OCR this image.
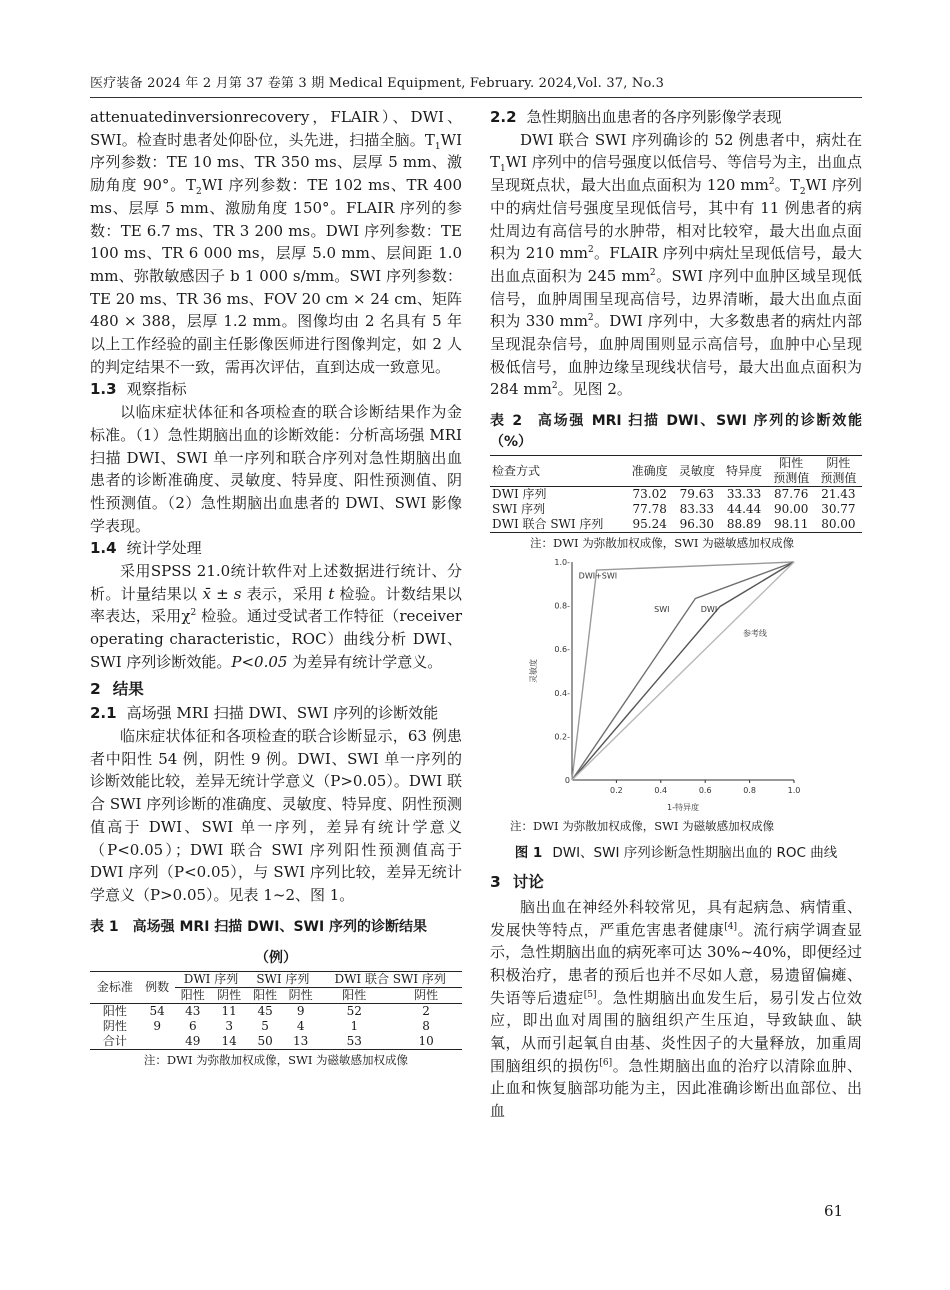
医疗装备 2024 年 2 月第 37 卷第 3 期 Medical Equipment, February. 2024,Vol. 37, No.3

attenuatedinversionrecovery，FLAIR）、DWI、SWI。检查时患者处仰卧位，头先进，扫描全脑。$T_1WI$ 序列参数：TE 10 ms、TR 350 ms、层厚 5 mm、激励角度 90°。$T_2WI$ 序列参数：TE 102 ms、TR 400 ms、层厚 5 mm、激励角度 150°。FLAIR 序列的参数：TE 6.7 ms、TR 3 200 ms。DWI 序列参数：TE 100 ms、TR 6 000 ms，层厚 5.0 mm、层间距 1.0 mm、弥散敏感因子 b 1 000 s/mm。SWI 序列参数：TE 20 ms、TR 36 ms、FOV 20 cm × 24 cm、矩阵 480 × 388，层厚 1.2 mm。图像均由 2 名具有 5 年以上工作经验的副主任影像医师进行图像判定，如 2 人的判定结果不一致，需再次评估，直到达成一致意见。

1.3 观察指标

以临床症状体征和各项检查的联合诊断结果作为金标准。（1）急性期脑出血的诊断效能：分析高场强 MRI 扫描 DWI、SWI 单一序列和联合序列对急性期脑出血患者的诊断准确度、灵敏度、特异度、阳性预测值、阴性预测值。（2）急性期脑出血患者的 DWI、SWI 影像学表现。

1.4 统计学处理

采用SPSS 21.0统计软件对上述数据进行统计、分析。计量结果以 x̄ ± s 表示，采用 t 检验。计数结果以率表达，采用$\chi^2$ 检验。通过受试者工作特征（receiver operating characteristic，ROC）曲线分析 DWI、SWI 序列诊断效能。P<0.05 为差异有统计学意义。

2 结果
2.1 高场强 MRI 扫描 DWI、SWI 序列的诊断效能

临床症状体征和各项检查的联合诊断显示，63 例患者中阳性 54 例，阴性 9 例。DWI、SWI 单一序列的诊断效能比较，差异无统计学意义（P>0.05）。DWI 联合 SWI 序列诊断的准确度、灵敏度、特异度、阴性预测值高于 DWI、SWI 单一序列，差异有统计学意义（P<0.05）；DWI 联合 SWI 序列阳性预测值高于 DWI 序列（P<0.05），与 SWI 序列比较，差异无统计学意义（P>0.05）。见表 1~2、图 1。

表 1 高场强 MRI 扫描 DWI、SWI 序列的诊断结果
（例）
金标准	例数	DWI 序列		SWI 序列		DWI 联合 SWI 序列	
		阳性	阴性	阳性	阴性	阳性	阴性
阳性	54	43	11	45	9	52	2
阴性	9	6	3	5	4	1	8
合计		49	14	50	13	53	10
注：DWI 为弥散加权成像，SWI 为磁敏感加权成像
2.2 急性期脑出血患者的各序列影像学表现

DWI 联合 SWI 序列确诊的 52 例患者中，病灶在 $T_1WI$ 序列中的信号强度以低信号、等信号为主，出血点呈现斑点状，最大出血点面积为 120 $mm^2$。$T_2WI$ 序列中的病灶信号强度呈现低信号，其中有 11 例患者的病灶周边有高信号的水肿带，相对比较窄，最大出血点面积为 210 $mm^2$。FLAIR 序列中病灶呈现低信号，最大出血点面积为 245 $mm^2$。SWI 序列中血肿区域呈现低信号，血肿周围呈现高信号，边界清晰，最大出血点面积为 330 $mm^2$。DWI 序列中，大多数患者的病灶内部呈现混杂信号，血肿周围则显示高信号，血肿中心呈现极低信号，血肿边缘呈现线状信号，最大出血点面积为 284 $mm^2$。见图 2。

表 2 高场强 MRI 扫描 DWI、SWI 序列的诊断效能（%）
检查方式	准确度	灵敏度	特异度	阳性
预测值	阴性
预测值
DWI 序列	73.02	79.63	33.33	87.76	21.43
SWI 序列	77.78	83.33	44.44	90.00	30.77
DWI 联合 SWI 序列	95.24	96.30	88.89	98.11	80.00
注：DWI 为弥散加权成像，SWI 为磁敏感加权成像
0.2	0.4	0.6	0.8	1.0
0
0.2-
0.4-
0.6-
0.8-
1.0-
1-特异度
灵敏度
DWI+SWI
SWI	DWI
参考线
注：DWI 为弥散加权成像，SWI 为磁敏感加权成像
图 1 DWI、SWI 序列诊断急性期脑出血的 ROC 曲线
3 讨论

脑出血在神经外科较常见，具有起病急、病情重、发展快等特点，严重危害患者健康[4]。流行病学调查显示，急性期脑出血的病死率可达 30%~40%，即便经过积极治疗，患者的预后也并不尽如人意，易遗留偏瘫、失语等后遗症[5]。急性期脑出血发生后，易引发占位效应，即出血对周围的脑组织产生压迫，导致缺血、缺氧，从而引起氧自由基、炎性因子的大量释放，加重周围脑组织的损伤[6]。急性期脑出血的治疗以清除血肿、止血和恢复脑部功能为主，因此准确诊断出血部位、出血

61
